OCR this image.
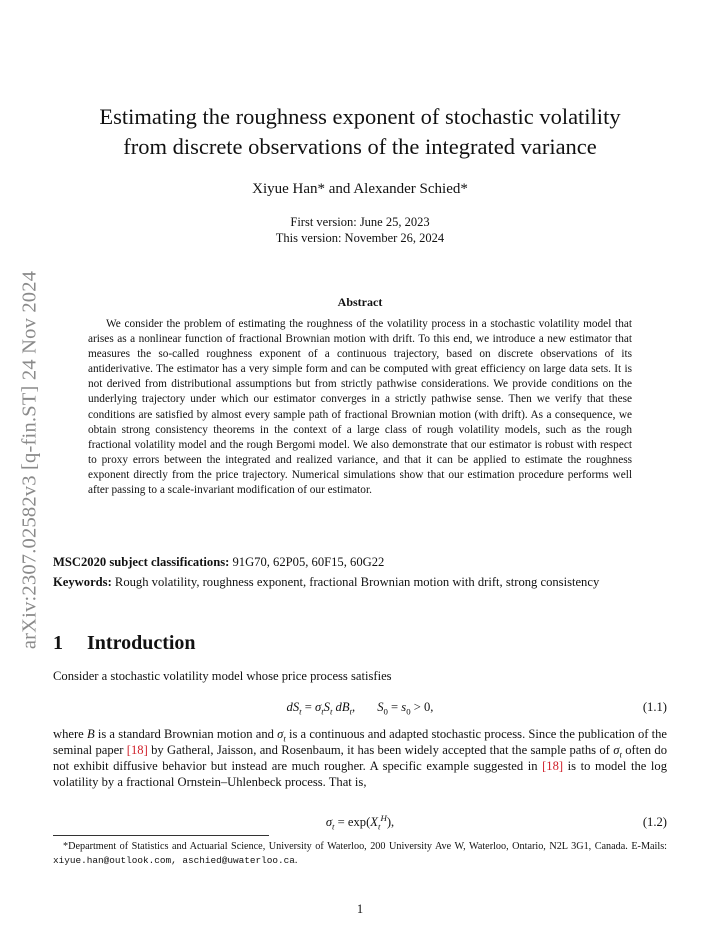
arXiv:2307.02582v3 [q-fin.ST] 24 Nov 2024
Estimating the roughness exponent of stochastic volatility
from discrete observations of the integrated variance
Xiyue Han* and Alexander Schied*
First version: June 25, 2023
This version: November 26, 2024
Abstract
We consider the problem of estimating the roughness of the volatility process in a stochastic volatility model that arises as a nonlinear function of fractional Brownian motion with drift. To this end, we introduce a new estimator that measures the so-called roughness exponent of a continuous trajectory, based on discrete observations of its antiderivative. The estimator has a very simple form and can be computed with great efficiency on large data sets. It is not derived from distributional assumptions but from strictly pathwise considerations. We provide conditions on the underlying trajectory under which our estimator converges in a strictly pathwise sense. Then we verify that these conditions are satisfied by almost every sample path of fractional Brownian motion (with drift). As a consequence, we obtain strong consistency theorems in the context of a large class of rough volatility models, such as the rough fractional volatility model and the rough Bergomi model. We also demonstrate that our estimator is robust with respect to proxy errors between the integrated and realized variance, and that it can be applied to estimate the roughness exponent directly from the price trajectory. Numerical simulations show that our estimation procedure performs well after passing to a scale-invariant modification of our estimator.
MSC2020 subject classifications: 91G70, 62P05, 60F15, 60G22
Keywords: Rough volatility, roughness exponent, fractional Brownian motion with drift, strong consistency
1 Introduction
Consider a stochastic volatility model whose price process satisfies
$dS_t = \sigma_tS_t$ $dB_t$,       $S_0 = s_0 > 0$,	(1.1)
where B is a standard Brownian motion and $\sigma_t$ is a continuous and adapted stochastic process. Since the publication of the seminal paper [18] by Gatheral, Jaisson, and Rosenbaum, it has been widely accepted that the sample paths of $\sigma_t$ often do not exhibit diffusive behavior but instead are much rougher. A specific example suggested in [18] is to model the log volatility by a fractional Ornstein–Uhlenbeck process. That is,
$\sigma_t = \exp(X_t^H)$,	(1.2)
*Department of Statistics and Actuarial Science, University of Waterloo, 200 University Ave W, Waterloo, Ontario, N2L 3G1, Canada. E-Mails: xiyue.han@outlook.com, aschied@uwaterloo.ca.
1
